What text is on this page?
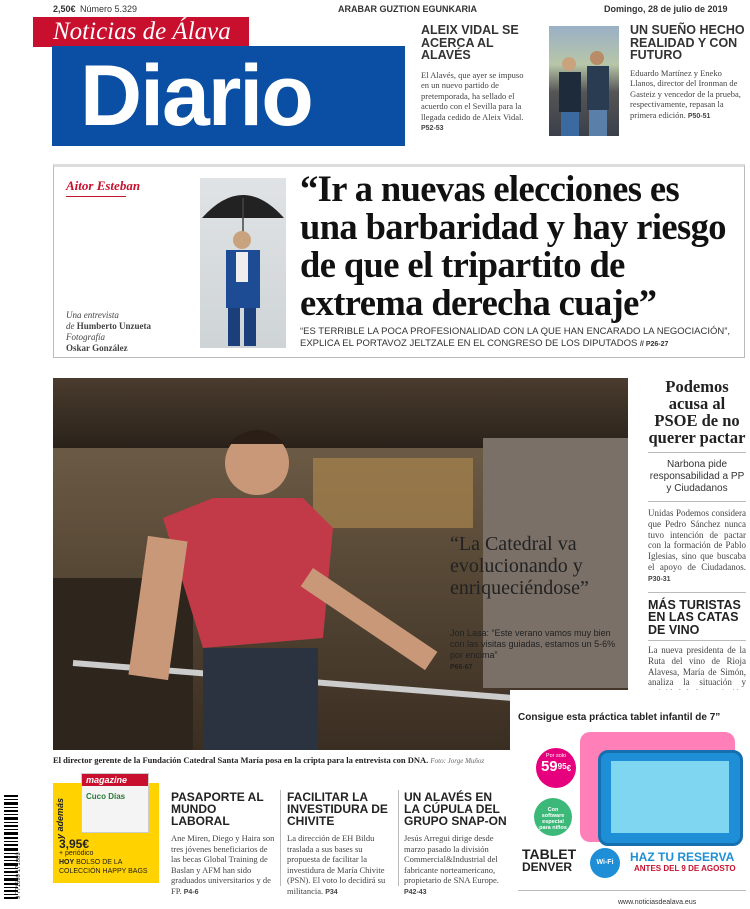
2,50€ Número 5.329	ARABAR GUZTION EGUNKARIA	Domingo, 28 de julio de 2019
Noticias de Álava
Diario
ALEIX VIDAL SE ACERCA AL ALAVÉS
El Alavés, que ayer se impuso en un nuevo partido de pretemporada, ha sellado el acuerdo con el Sevilla para la llegada cedido de Aleix Vidal. P52-53
UN SUEÑO HECHO REALIDAD Y CON FUTURO
Eduardo Martínez y Eneko Llanos, director del Ironman de Gasteiz y vencedor de la prueba, respectivamente, repasan la primera edición. P50-51
Aitor Esteban
Una entrevista
de Humberto Unzueta
Fotografía
Oskar González
“Ir a nuevas elecciones es una barbaridad y hay riesgo de que el tripartito de extrema derecha cuaje”
“ES TERRIBLE LA POCA PROFESIONALIDAD CON LA QUE HAN ENCARADO LA NEGOCIACIÓN”, EXPLICA EL PORTAVOZ JELTZALE EN EL CONGRESO DE LOS DIPUTADOS // P26-27
“La Catedral va evolucionando y enriqueciéndose”
Jon Lasa: “Este verano vamos muy bien con las visitas guiadas, estamos un 5-6% por encima”
P66-67
El director gerente de la Fundación Catedral Santa María posa en la cripta para la entrevista con DNA. Foto: Jorge Muñoz
Podemos acusa al PSOE de no querer pactar
Narbona pide responsabilidad a PP y Ciudadanos
Unidas Podemos considera que Pedro Sánchez nunca tuvo intención de pactar con la formación de Pablo Iglesias, sino que buscaba el apoyo de Ciudadanos. P30-31
MÁS TURISTAS EN LAS CATAS DE VINO
La nueva presidenta de la Ruta del vino de Rioja Alavesa, María de Simón, analiza la situación y
Consigue esta práctica tablet infantil de 7”
Por solo
$59^{95}€$
Con software especial para niños
TABLET
DENVER	Wi-Fi	HAZ TU RESERVA
ANTES DEL 9 DE AGOSTO
9 771699 171009
y además
magazine
Cuco Días
3,95€
+ periódico
HOY BOLSO DE LA COLECCIÓN HAPPY BAGS
PASAPORTE AL MUNDO LABORAL
Ane Miren, Diego y Haira son tres jóvenes beneficiarios de las becas Global Training de Baslan y AFM han sido graduados universitarios y de FP. P4-6
FACILITAR LA INVESTIDURA DE CHIVITE
La dirección de EH Bildu traslada a sus bases su propuesta de facilitar la investidura de María Chivite (PSN). El voto lo decidirá su militancia. P34
UN ALAVÉS EN LA CÚPULA DEL GRUPO SNAP-ON
Jesús Arregui dirige desde marzo pasado la división Commercial&Industrial del fabricante norteamericano, propietario de SNA Europe. P42-43
www.noticiasdealava.eus
